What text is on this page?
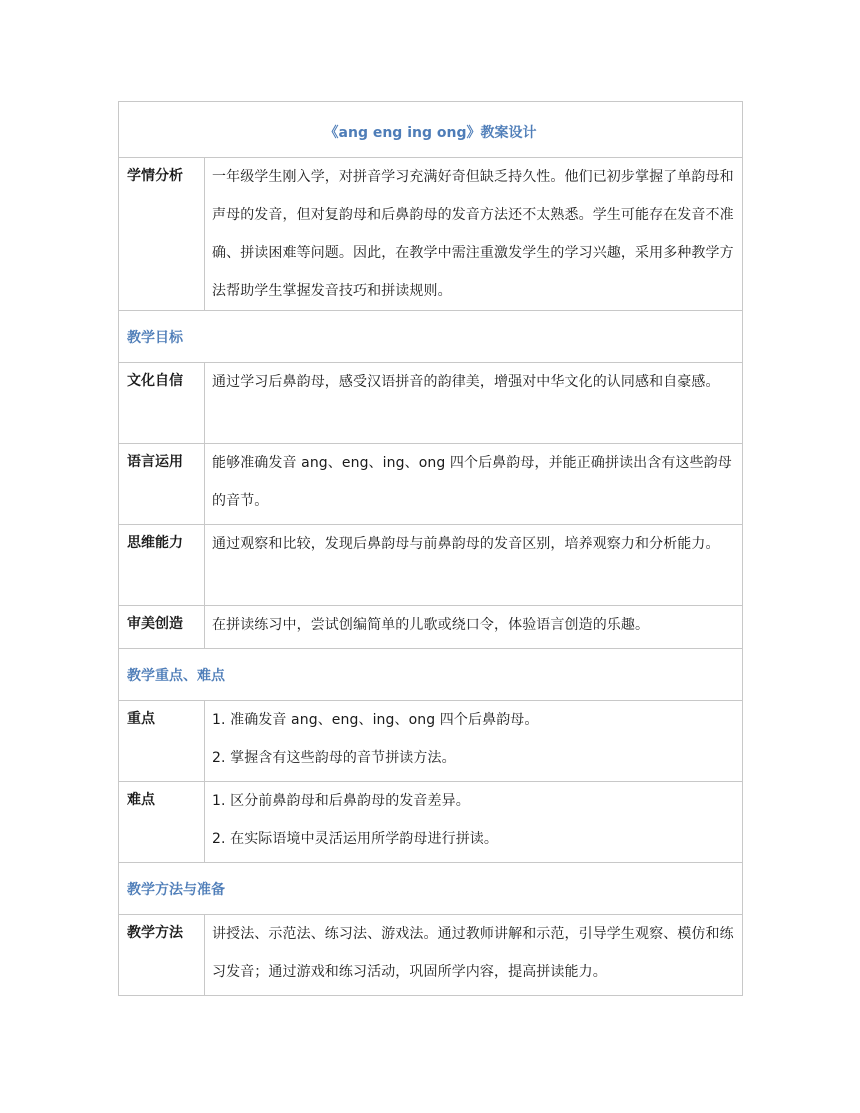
《ang eng ing ong》教案设计	
学情分析	一年级学生刚入学，对拼音学习充满好奇但缺乏持久性。他们已初步掌握了单韵母和声母的发音，但对复韵母和后鼻韵母的发音方法还不太熟悉。学生可能存在发音不准确、拼读困难等问题。因此，在教学中需注重激发学生的学习兴趣，采用多种教学方法帮助学生掌握发音技巧和拼读规则。
教学目标	
文化自信	通过学习后鼻韵母，感受汉语拼音的韵律美，增强对中华文化的认同感和自豪感。
语言运用	能够准确发音 ang、eng、ing、ong 四个后鼻韵母，并能正确拼读出含有这些韵母的音节。
思维能力	通过观察和比较，发现后鼻韵母与前鼻韵母的发音区别，培养观察力和分析能力。
审美创造	在拼读练习中，尝试创编简单的儿歌或绕口令，体验语言创造的乐趣。
教学重点、难点	
重点	1. 准确发音 ang、eng、ing、ong 四个后鼻韵母。

2. 掌握含有这些韵母的音节拼读方法。

难点	1. 区分前鼻韵母和后鼻韵母的发音差异。

2. 在实际语境中灵活运用所学韵母进行拼读。

教学方法与准备	
教学方法	讲授法、示范法、练习法、游戏法。通过教师讲解和示范，引导学生观察、模仿和练习发音；通过游戏和练习活动，巩固所学内容，提高拼读能力。
